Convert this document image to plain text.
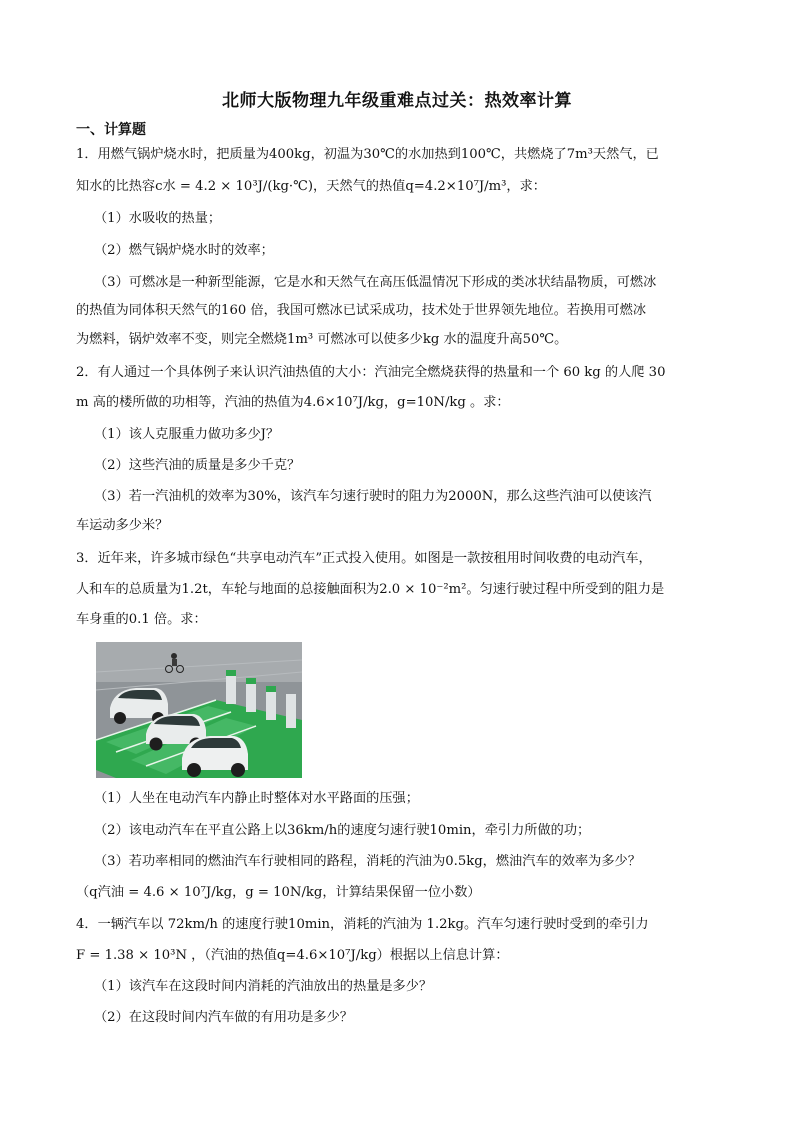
北师大版物理九年级重难点过关：热效率计算
一、计算题
1．用燃气锅炉烧水时，把质量为400kg，初温为30℃的水加热到100℃，共燃烧了7m³天然气，已
知水的比热容c水 = 4.2 × 10³J/(kg·℃)，天然气的热值q=4.2×10⁷J/m³，求：
（1）水吸收的热量；
（2）燃气锅炉烧水时的效率；
（3）可燃冰是一种新型能源，它是水和天然气在高压低温情况下形成的类冰状结晶物质，可燃冰
的热值为同体积天然气的160 倍，我国可燃冰已试采成功，技术处于世界领先地位。若换用可燃冰
为燃料，锅炉效率不变，则完全燃烧1m³ 可燃冰可以使多少kg 水的温度升高50℃。
2．有人通过一个具体例子来认识汽油热值的大小：汽油完全燃烧获得的热量和一个 60 kg 的人爬 30
m 高的楼所做的功相等，汽油的热值为4.6×10⁷J/kg，g=10N/kg 。求：
（1）该人克服重力做功多少J？
（2）这些汽油的质量是多少千克？
（3）若一汽油机的效率为30%，该汽车匀速行驶时的阻力为2000N，那么这些汽油可以使该汽
车运动多少米？
3．近年来，许多城市绿色“共享电动汽车”正式投入使用。如图是一款按租用时间收费的电动汽车，
人和车的总质量为1.2t，车轮与地面的总接触面积为2.0 × 10⁻²m²。匀速行驶过程中所受到的阻力是
车身重的0.1 倍。求：
（1）人坐在电动汽车内静止时整体对水平路面的压强；
（2）该电动汽车在平直公路上以36km/h的速度匀速行驶10min，牵引力所做的功；
（3）若功率相同的燃油汽车行驶相同的路程，消耗的汽油为0.5kg，燃油汽车的效率为多少？
（q汽油 = 4.6 × 10⁷J/kg，g = 10N/kg，计算结果保留一位小数）
4．一辆汽车以 72km/h 的速度行驶10min，消耗的汽油为 1.2kg。汽车匀速行驶时受到的牵引力
F = 1.38 × 10³N ，（汽油的热值q=4.6×10⁷J/kg）根据以上信息计算：
（1）该汽车在这段时间内消耗的汽油放出的热量是多少？
（2）在这段时间内汽车做的有用功是多少？
